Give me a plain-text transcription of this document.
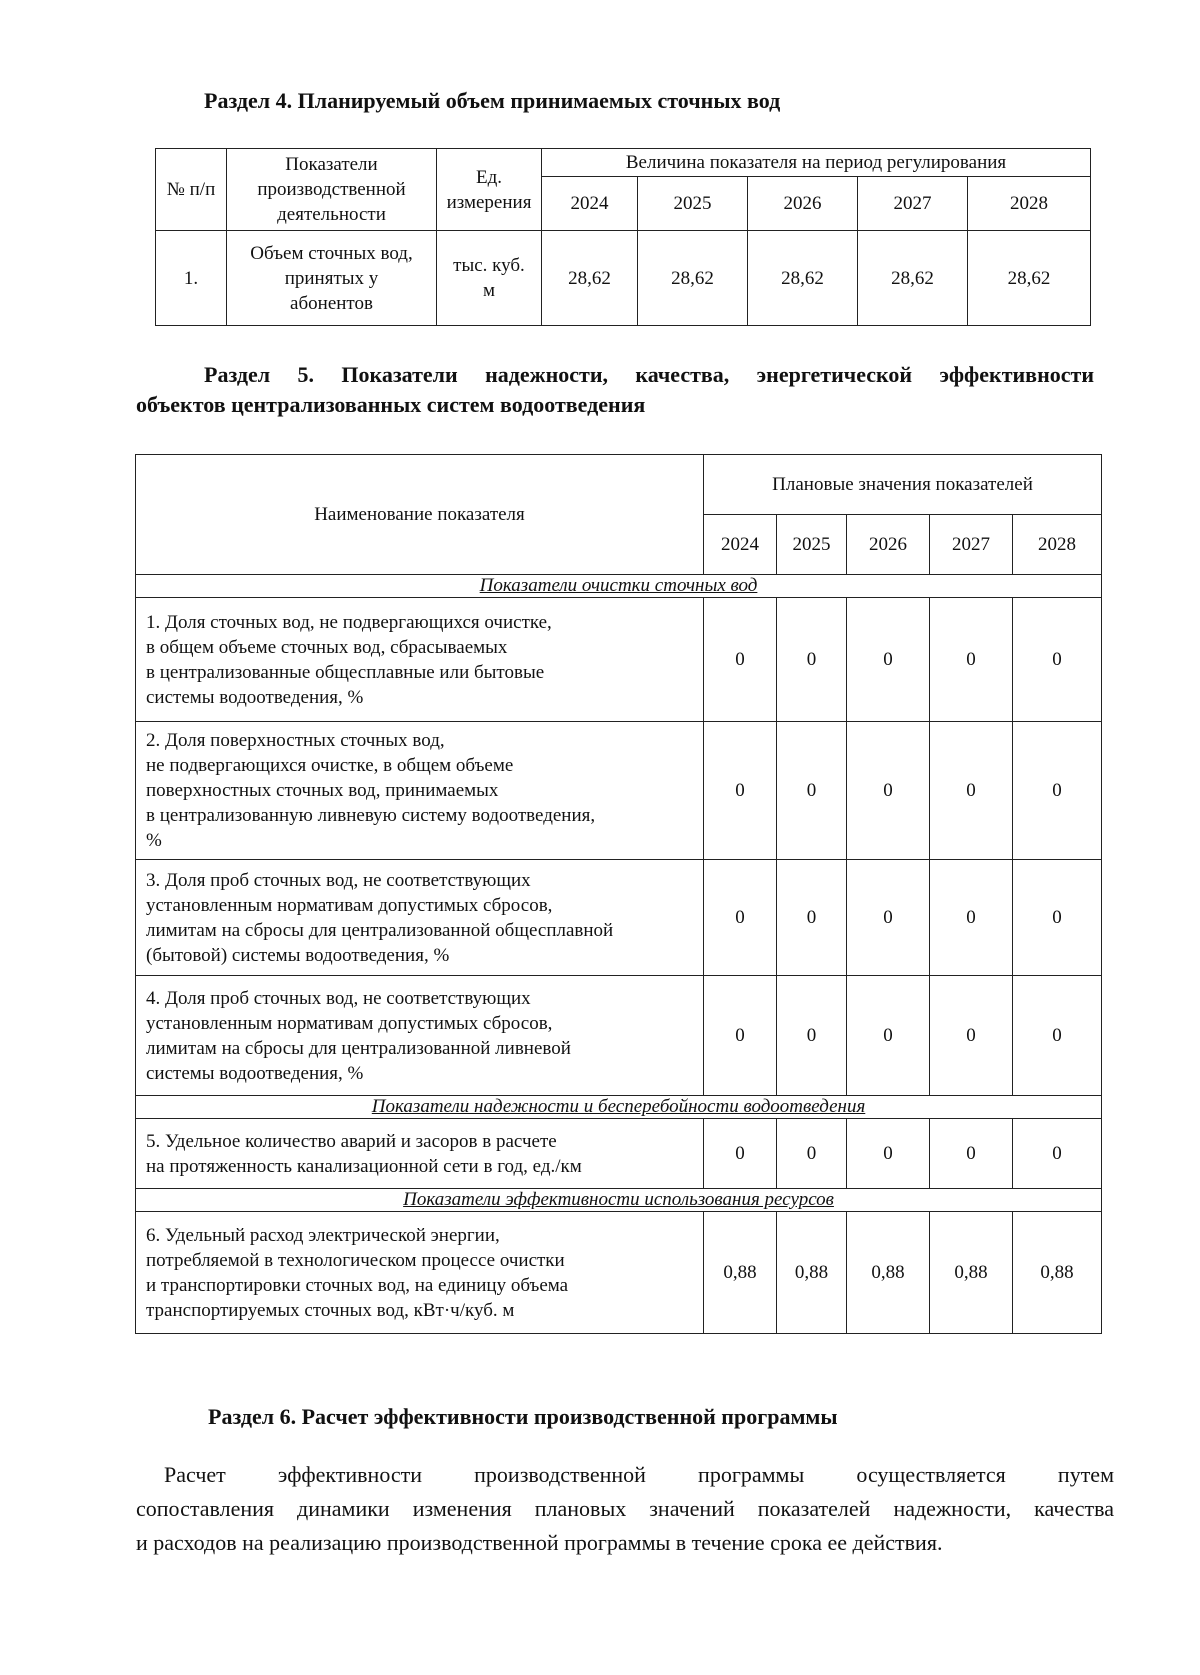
Раздел 4. Планируемый объем принимаемых сточных вод
№ п/п	Показатели производственной деятельности	Ед. измерения	Величина показателя на период регулирования				
			2024	2025	2026	2027	2028
1.	Объем сточных вод, принятых у абонентов	тыс. куб. м	28,62	28,62	28,62	28,62	28,62
Раздел 5. Показатели надежности, качества, энергетической эффективности
объектов централизованных систем водоотведения
Наименование показателя	Плановые значения показателей				
	2024	2025	2026	2027	2028
Показатели очистки сточных вод					

1. Доля сточных вод, не подвергающихся очистке,
в общем объеме сточных вод, сбрасываемых
в централизованные общесплавные или бытовые
системы водоотведения, %	0	0	0	0	0

2. Доля поверхностных сточных вод,
не подвергающихся очистке, в общем объеме
поверхностных сточных вод, принимаемых
в централизованную ливневую систему водоотведения,
%	0	0	0	0	0

3. Доля проб сточных вод, не соответствующих
установленным нормативам допустимых сбросов,
лимитам на сбросы для централизованной общесплавной
(бытовой) системы водоотведения, %	0	0	0	0	0

4. Доля проб сточных вод, не соответствующих
установленным нормативам допустимых сбросов,
лимитам на сбросы для централизованной ливневой
системы водоотведения, %	0	0	0	0	0
Показатели надежности и бесперебойности водоотведения					

5. Удельное количество аварий и засоров в расчете
на протяженность канализационной сети в год, ед./км	0	0	0	0	0
Показатели эффективности использования ресурсов					

6. Удельный расход электрической энергии,
потребляемой в технологическом процессе очистки
и транспортировки сточных вод, на единицу объема
транспортируемых сточных вод, кВт·ч/куб. м	0,88	0,88	0,88	0,88	0,88
Раздел 6. Расчет эффективности производственной программы
Расчет эффективности производственной программы осуществляется путем
сопоставления динамики изменения плановых значений показателей надежности, качества
и расходов на реализацию производственной программы в течение срока ее действия.
